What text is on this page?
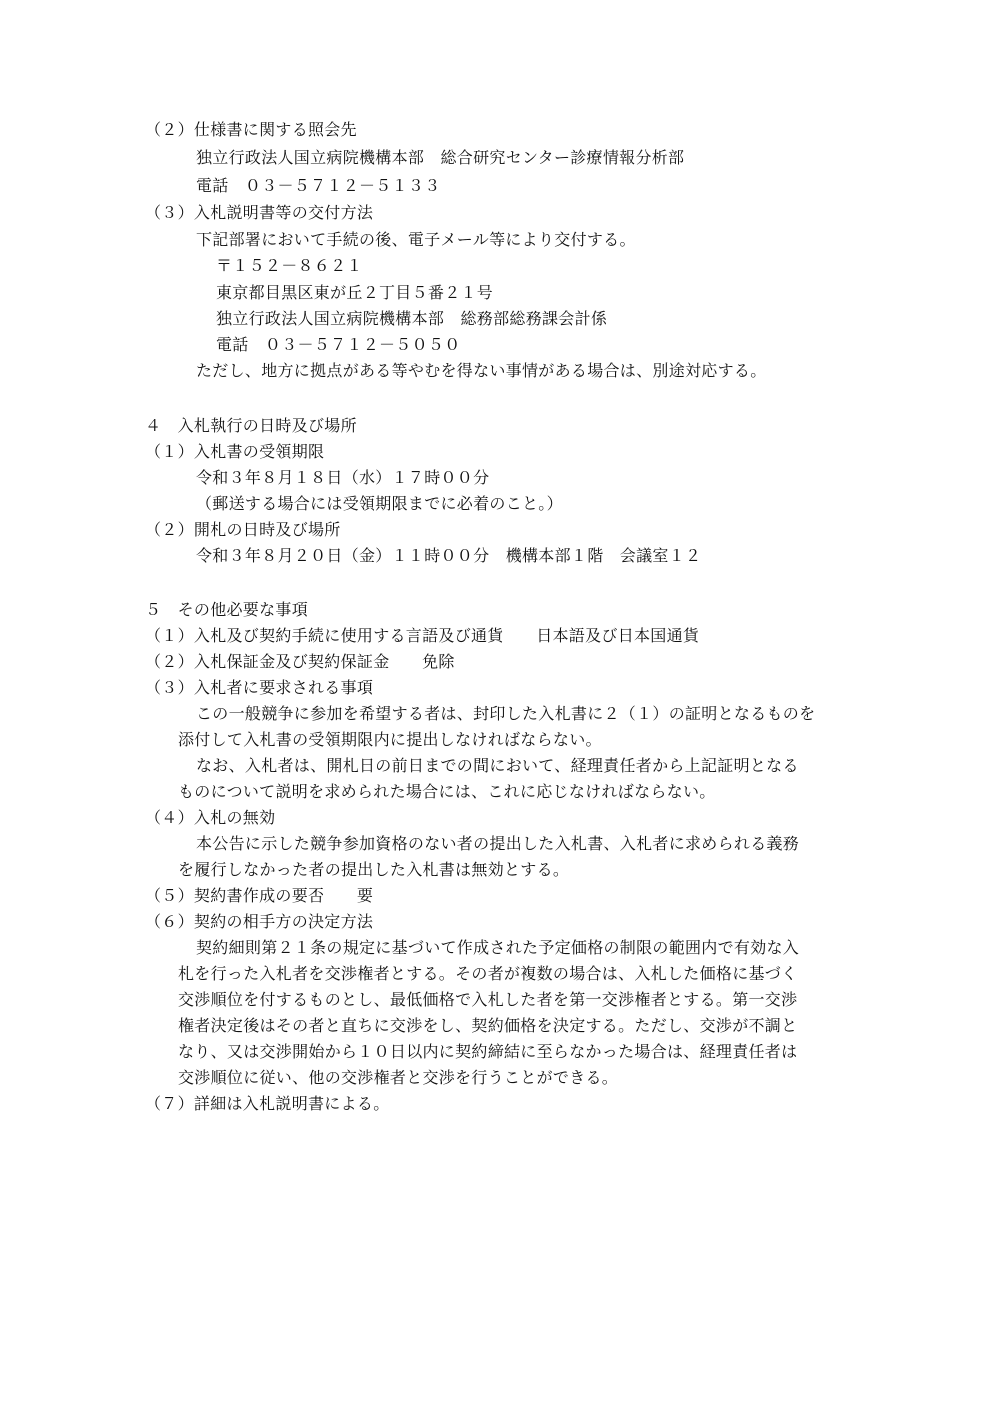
（２）仕様書に関する照会先
独立行政法人国立病院機構本部　総合研究センター診療情報分析部
電話　０３－５７１２－５１３３
（３）入札説明書等の交付方法
下記部署において手続の後、電子メール等により交付する。
〒１５２－８６２１
東京都目黒区東が丘２丁目５番２１号
独立行政法人国立病院機構本部　総務部総務課会計係
電話　０３－５７１２－５０５０
ただし、地方に拠点がある等やむを得ない事情がある場合は、別途対応する。
４　入札執行の日時及び場所
（１）入札書の受領期限
令和３年８月１８日（水）１７時００分
（郵送する場合には受領期限までに必着のこと。）
（２）開札の日時及び場所
令和３年８月２０日（金）１１時００分　機構本部１階　会議室１２
５　その他必要な事項
（１）入札及び契約手続に使用する言語及び通貨　　日本語及び日本国通貨
（２）入札保証金及び契約保証金　　免除
（３）入札者に要求される事項
この一般競争に参加を希望する者は、封印した入札書に２（１）の証明となるものを
添付して入札書の受領期限内に提出しなければならない。
なお、入札者は、開札日の前日までの間において、経理責任者から上記証明となる
ものについて説明を求められた場合には、これに応じなければならない。
（４）入札の無効
本公告に示した競争参加資格のない者の提出した入札書、入札者に求められる義務
を履行しなかった者の提出した入札書は無効とする。
（５）契約書作成の要否　　要
（６）契約の相手方の決定方法
契約細則第２１条の規定に基づいて作成された予定価格の制限の範囲内で有効な入
札を行った入札者を交渉権者とする。その者が複数の場合は、入札した価格に基づく
交渉順位を付するものとし、最低価格で入札した者を第一交渉権者とする。第一交渉
権者決定後はその者と直ちに交渉をし、契約価格を決定する。ただし、交渉が不調と
なり、又は交渉開始から１０日以内に契約締結に至らなかった場合は、経理責任者は
交渉順位に従い、他の交渉権者と交渉を行うことができる。
（７）詳細は入札説明書による。
